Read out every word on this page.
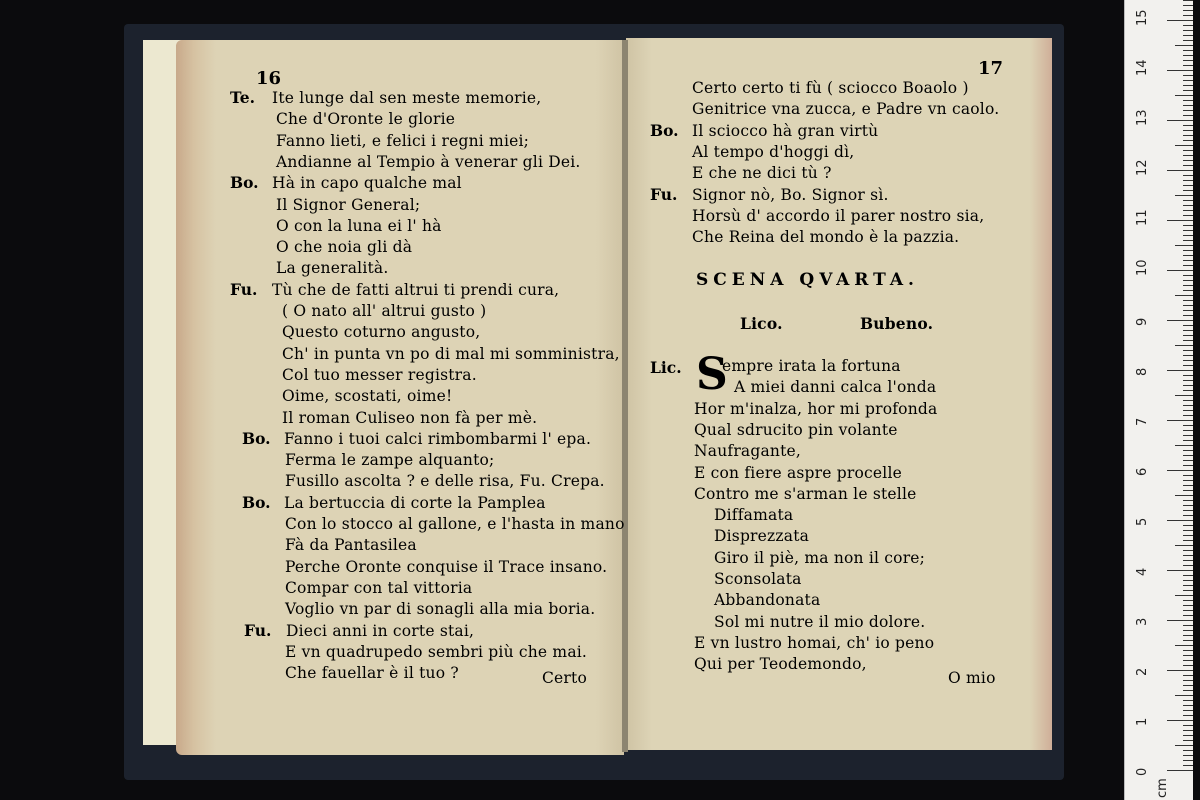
16	17
Te. Ite lunge dal sen meste memorie,
Che d'Oronte le glorie
Fanno lieti, e felici i regni miei;
Andianne al Tempio à venerar gli Dei.
Bo. Hà in capo qualche mal
Il Signor General;
O con la luna ei l' hà
O che noia gli dà
La generalità.
Fu. Tù che de fatti altrui ti prendi cura,
( O nato all' altrui gusto )
Questo coturno angusto,
Ch' in punta vn po di mal mi somministra,
Col tuo messer registra.
Oime, scostati, oime!
Il roman Culiseo non fà per mè.
Bo. Fanno i tuoi calci rimbombarmi l' epa.
Ferma le zampe alquanto;
Fusillo ascolta ? e delle risa, Fu. Crepa.
Bo. La bertuccia di corte la Pamplea
Con lo stocco al gallone, e l'hasta in mano
Fà da Pantasilea
Perche Oronte conquise il Trace insano.
Compar con tal vittoria
Voglio vn par di sonagli alla mia boria.
Fu. Dieci anni in corte stai,
E vn quadrupedo sembri più che mai.
Che fauellar è il tuo ?	Certo
Certo certo ti fù ( sciocco Boaolo )
Genitrice vna zucca, e Padre vn caolo.
Bo. Il sciocco hà gran virtù
Al tempo d'hoggi dì,
E che ne dici tù ?
Fu. Signor nò, Bo. Signor sì.
Horsù d' accordo il parer nostro sia,
Che Reina del mondo è la pazzia.
SCENA QVARTA.
Lico.	Bubeno.
Lic. S
empre irata la fortuna
A miei danni calca l'onda
Hor m'inalza, hor mi profonda
Qual sdrucito pin volante
Naufragante,
E con fiere aspre procelle
Contro me s'arman le stelle
Diffamata
Disprezzata
Giro il piè, ma non il core;
Sconsolata
Abbandonata
Sol mi nutre il mio dolore.
E vn lustro homai, ch' io peno
Qui per Teodemondo,
O mio
0
1
2
3
4
5
6
7
8
9
10
11
12
13
14
15
cm
